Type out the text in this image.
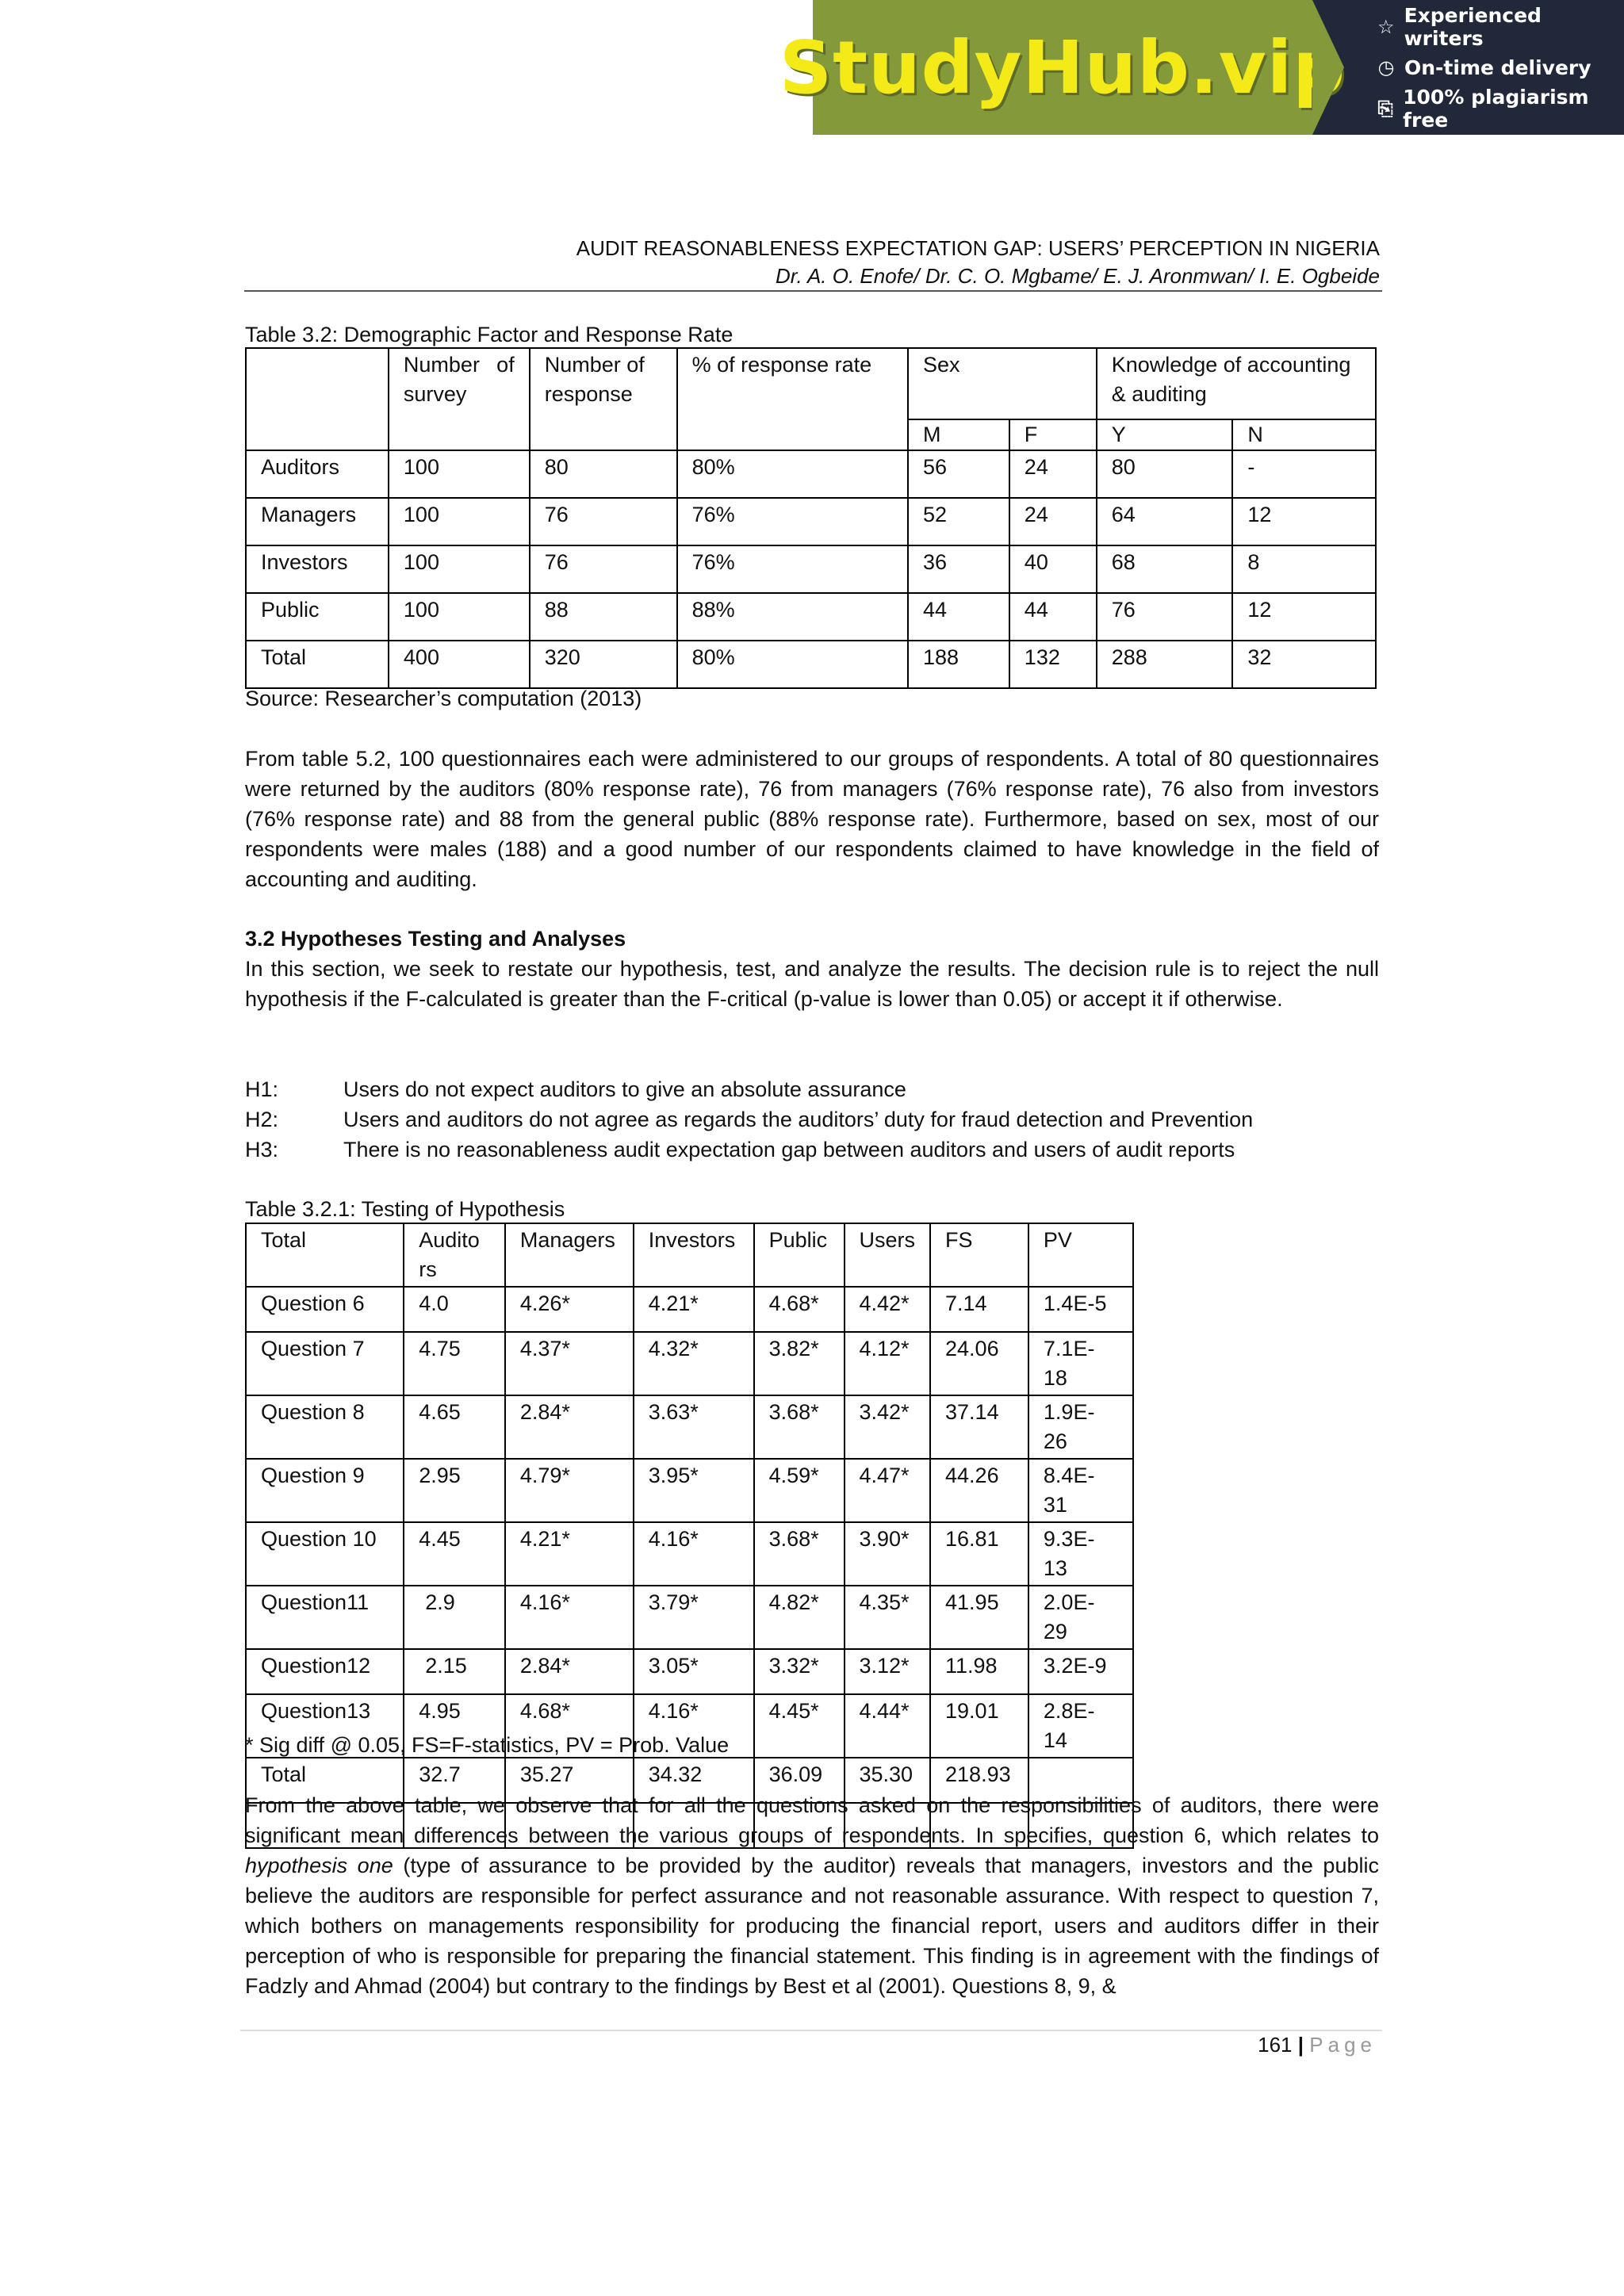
StudyHub.vip ☆ Experienced writers
◷ On-time delivery
⎘ 100% plagiarism free
AUDIT REASONABLENESS EXPECTATION GAP: USERS’ PERCEPTION IN NIGERIA
Dr. A. O. Enofe/ Dr. C. O. Mgbame/ E. J. Aronmwan/ I. E. Ogbeide
Table 3.2: Demographic Factor and Response Rate
	Number of survey	Number of response	% of response rate	Sex		Knowledge of accounting & auditing	
				M	F	Y	N
Auditors	100	80	80%	56	24	80	-
Managers	100	76	76%	52	24	64	12
Investors	100	76	76%	36	40	68	8
Public	100	88	88%	44	44	76	12
Total	400	320	80%	188	132	288	32
Source: Researcher’s computation (2013)

From table 5.2, 100 questionnaires each were administered to our groups of respondents. A total of 80 questionnaires were returned by the auditors (80% response rate), 76 from managers (76% response rate), 76 also from investors (76% response rate) and 88 from the general public (88% response rate). Furthermore, based on sex, most of our respondents were males (188) and a good number of our respondents claimed to have knowledge in the field of accounting and auditing.

3.2 Hypotheses Testing and Analyses

In this section, we seek to restate our hypothesis, test, and analyze the results. The decision rule is to reject the null hypothesis if the F-calculated is greater than the F-critical (p-value is lower than 0.05) or accept it if otherwise.

H1:	Users do not expect auditors to give an absolute assurance
H2:	Users and auditors do not agree as regards the auditors’ duty for fraud detection and Prevention
H3:	There is no reasonableness audit expectation gap between auditors and users of audit reports
Table 3.2.1: Testing of Hypothesis
Total	Audito rs	Managers	Investors	Public	Users	FS	PV
Question 6	4.0	4.26*	4.21*	4.68*	4.42*	7.14	1.4E-5
Question 7	4.75	4.37*	4.32*	3.82*	4.12*	24.06	7.1E-18
Question 8	4.65	2.84*	3.63*	3.68*	3.42*	37.14	1.9E-26
Question 9	2.95	4.79*	3.95*	4.59*	4.47*	44.26	8.4E-31
Question 10	4.45	4.21*	4.16*	3.68*	3.90*	16.81	9.3E-13
Question11	2.9	4.16*	3.79*	4.82*	4.35*	41.95	2.0E-29
Question12	2.15	2.84*	3.05*	3.32*	3.12*	11.98	3.2E-9
Question13	4.95	4.68*	4.16*	4.45*	4.44*	19.01	2.8E-14
Total	32.7	35.27	34.32	36.09	35.30	218.93	

* Sig diff @ 0.05, FS=F-statistics, PV = Prob. Value

From the above table, we observe that for all the questions asked on the responsibilities of auditors, there were significant mean differences between the various groups of respondents. In specifies, question 6, which relates to hypothesis one (type of assurance to be provided by the auditor) reveals that managers, investors and the public believe the auditors are responsible for perfect assurance and not reasonable assurance. With respect to question 7, which bothers on managements responsibility for producing the financial report, users and auditors differ in their perception of who is responsible for preparing the financial statement. This finding is in agreement with the findings of Fadzly and Ahmad (2004) but contrary to the findings by Best et al (2001). Questions 8, 9, &

161 | Page
